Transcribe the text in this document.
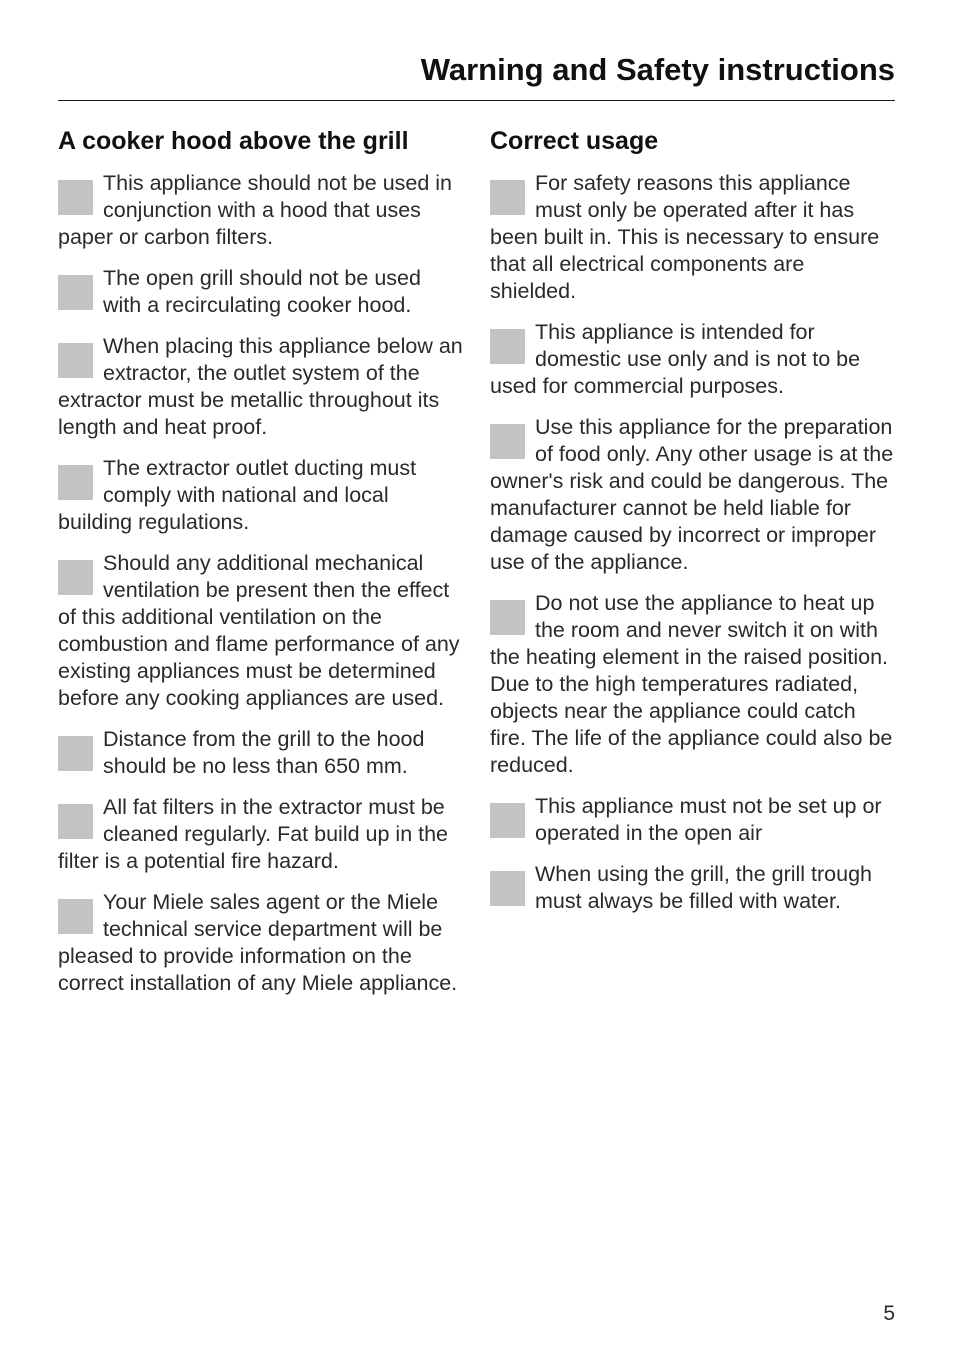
Warning and Safety instructions
A cooker hood above the grill
This appliance should not be used in conjunction with a hood that uses paper or carbon filters.
The open grill should not be used with a recirculating cooker hood.
When placing this appliance below an extractor, the outlet system of the extractor must be metallic throughout its length and heat proof.
The extractor outlet ducting must comply with national and local building regulations.
Should any additional mechanical ventilation be present then the effect of this additional ventilation on the combustion and flame performance of any existing appliances must be determined before any cooking appliances are used.
Distance from the grill to the hood should be no less than 650 mm.
All fat filters in the extractor must be cleaned regularly. Fat build up in the filter is a potential fire hazard.
Your Miele sales agent or the Miele technical service department will be pleased to provide information on the correct installation of any Miele appliance.
Correct usage
For safety reasons this appliance must only be operated after it has been built in. This is necessary to ensure that all electrical components are shielded.
This appliance is intended for domestic use only and is not to be used for commercial purposes.
Use this appliance for the preparation of food only. Any other usage is at the owner's risk and could be dangerous. The manufacturer cannot be held liable for damage caused by incorrect or improper use of the appliance.
Do not use the appliance to heat up the room and never switch it on with the heating element in the raised position. Due to the high temperatures radiated, objects near the appliance could catch fire. The life of the appliance could also be reduced.
This appliance must not be set up or operated in the open air
When using the grill, the grill trough must always be filled with water.
5
